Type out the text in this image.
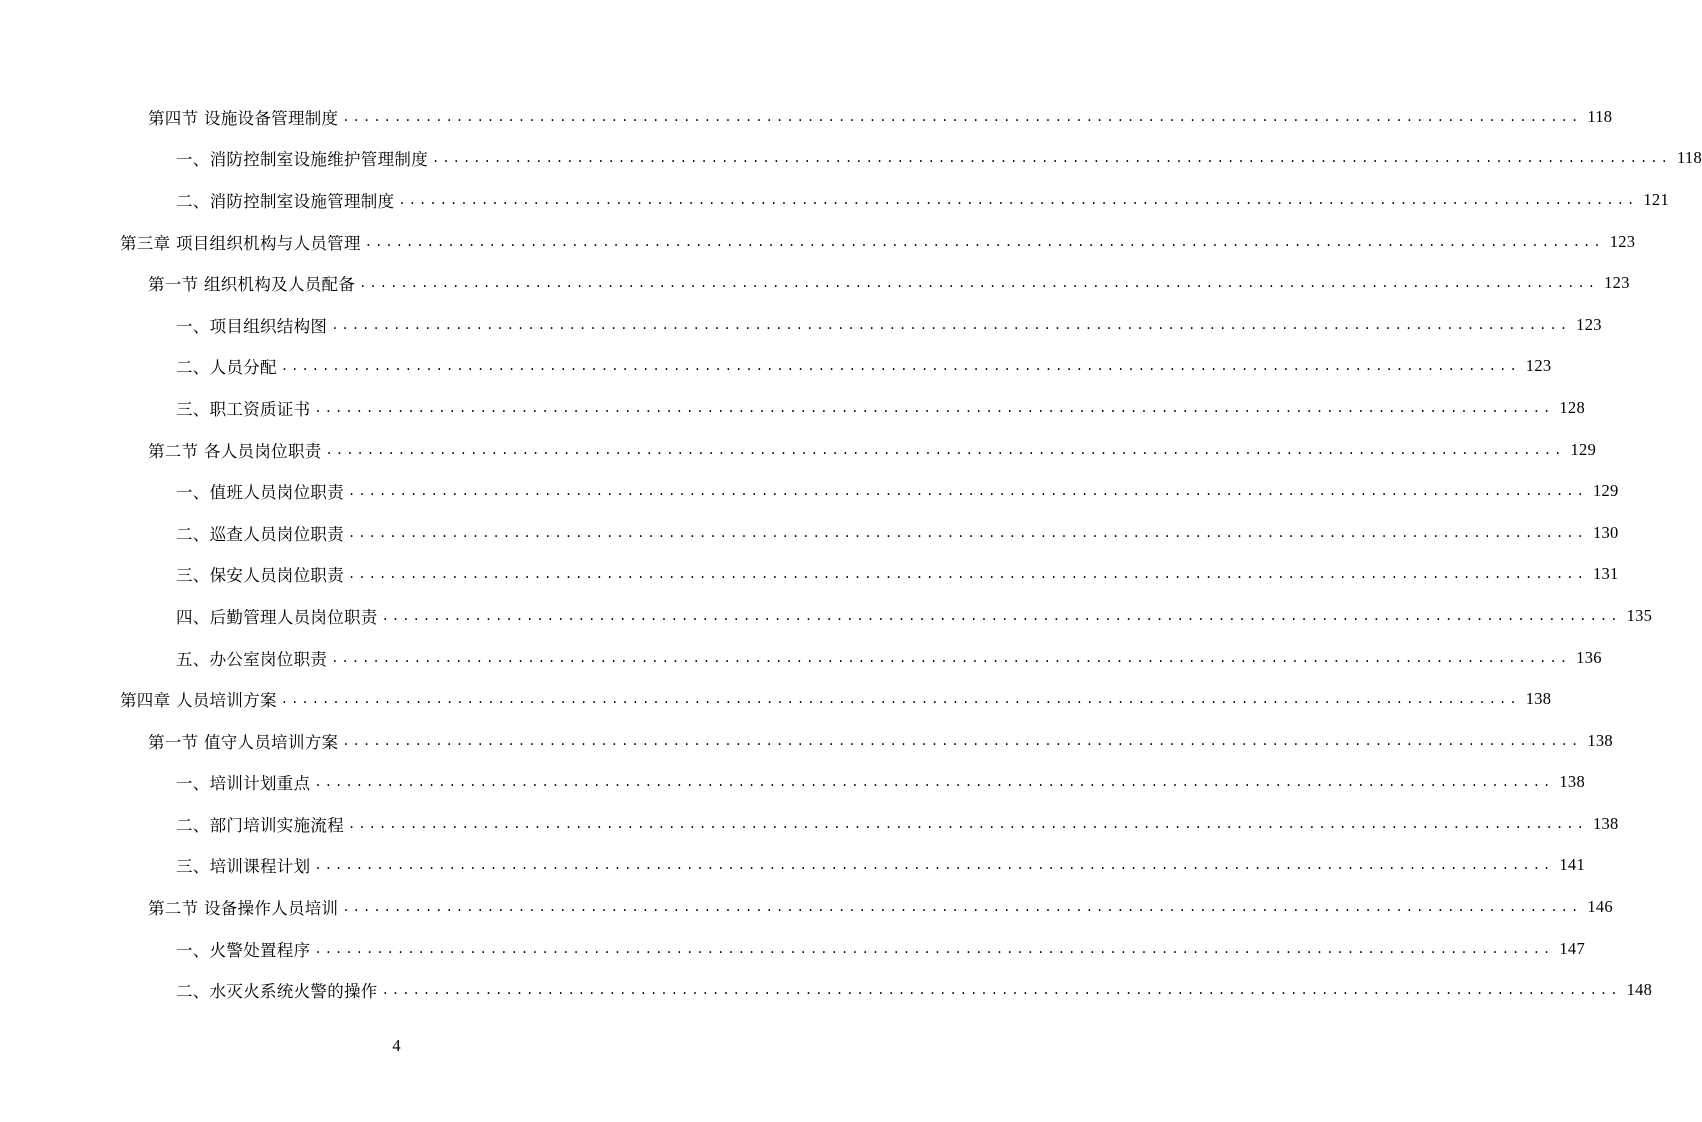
第四节 设施设备管理制度 ........................................................................................................................ 118
一、消防控制室设施维护管理制度 ........................................................................................................................ 118
二、消防控制室设施管理制度 ........................................................................................................................ 121
第三章 项目组织机构与人员管理 ........................................................................................................................ 123
第一节 组织机构及人员配备 ........................................................................................................................ 123
一、项目组织结构图 ........................................................................................................................ 123
二、人员分配 ........................................................................................................................ 123
三、职工资质证书 ........................................................................................................................ 128
第二节 各人员岗位职责 ........................................................................................................................ 129
一、值班人员岗位职责 ........................................................................................................................ 129
二、巡查人员岗位职责 ........................................................................................................................ 130
三、保安人员岗位职责 ........................................................................................................................ 131
四、后勤管理人员岗位职责 ........................................................................................................................ 135
五、办公室岗位职责 ........................................................................................................................ 136
第四章 人员培训方案 ........................................................................................................................ 138
第一节 值守人员培训方案 ........................................................................................................................ 138
一、培训计划重点 ........................................................................................................................ 138
二、部门培训实施流程 ........................................................................................................................ 138
三、培训课程计划 ........................................................................................................................ 141
第二节 设备操作人员培训 ........................................................................................................................ 146
一、火警处置程序 ........................................................................................................................ 147
二、水灭火系统火警的操作 ........................................................................................................................ 148
4
